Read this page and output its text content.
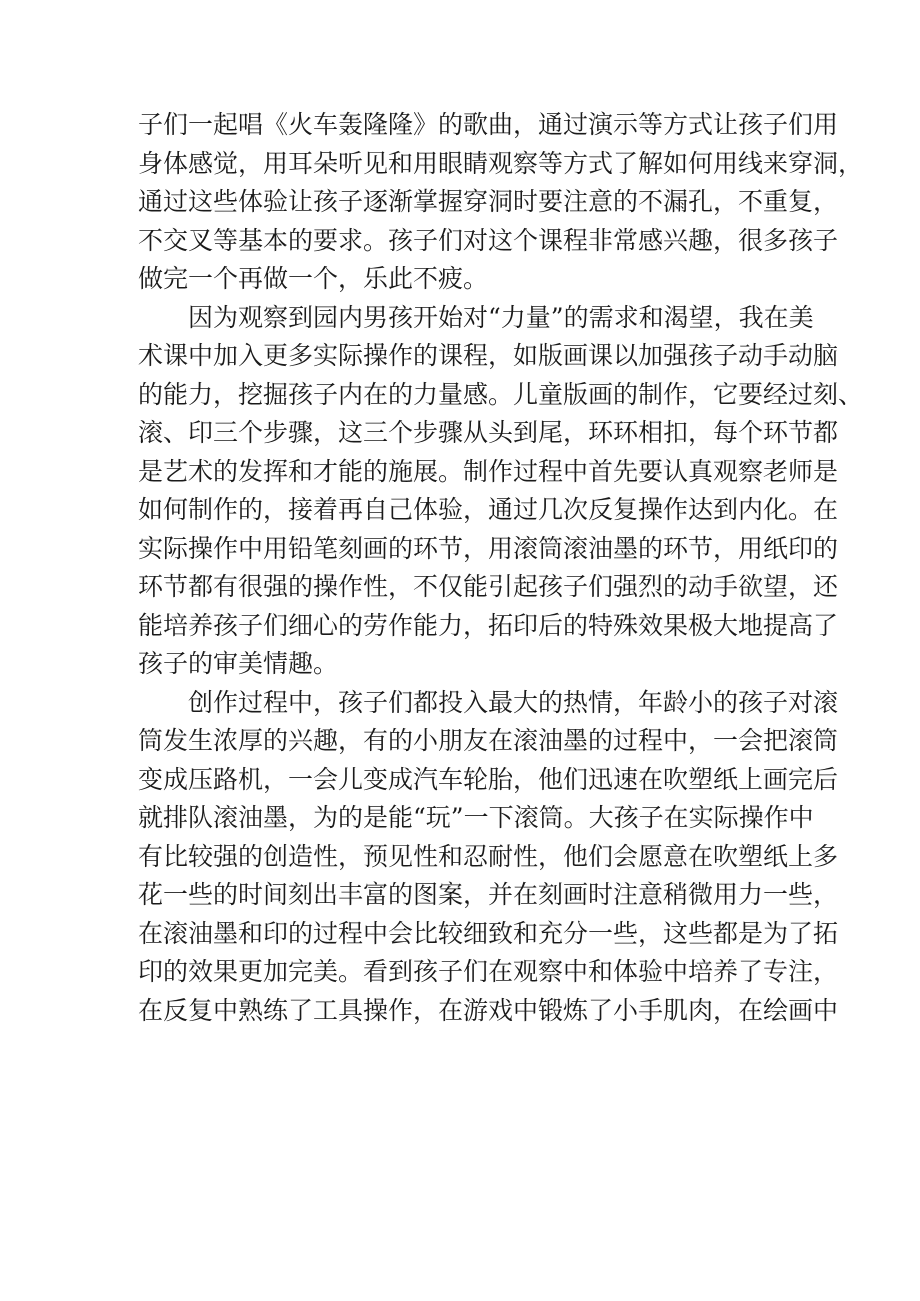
子们一起唱《火车轰隆隆》的歌曲，通过演示等方式让孩子们用
身体感觉，用耳朵听见和用眼睛观察等方式了解如何用线来穿洞，
通过这些体验让孩子逐渐掌握穿洞时要注意的不漏孔，不重复，
不交叉等基本的要求。孩子们对这个课程非常感兴趣，很多孩子
做完一个再做一个，乐此不疲。
因为观察到园内男孩开始对“力量”的需求和渴望，我在美
术课中加入更多实际操作的课程，如版画课以加强孩子动手动脑
的能力，挖掘孩子内在的力量感。儿童版画的制作，它要经过刻、
滚、印三个步骤，这三个步骤从头到尾，环环相扣，每个环节都
是艺术的发挥和才能的施展。制作过程中首先要认真观察老师是
如何制作的，接着再自己体验，通过几次反复操作达到内化。在
实际操作中用铅笔刻画的环节，用滚筒滚油墨的环节，用纸印的
环节都有很强的操作性，不仅能引起孩子们强烈的动手欲望，还
能培养孩子们细心的劳作能力，拓印后的特殊效果极大地提高了
孩子的审美情趣。
创作过程中，孩子们都投入最大的热情，年龄小的孩子对滚
筒发生浓厚的兴趣，有的小朋友在滚油墨的过程中，一会把滚筒
变成压路机，一会儿变成汽车轮胎，他们迅速在吹塑纸上画完后
就排队滚油墨，为的是能“玩”一下滚筒。大孩子在实际操作中
有比较强的创造性，预见性和忍耐性，他们会愿意在吹塑纸上多
花一些的时间刻出丰富的图案，并在刻画时注意稍微用力一些，
在滚油墨和印的过程中会比较细致和充分一些，这些都是为了拓
印的效果更加完美。看到孩子们在观察中和体验中培养了专注，
在反复中熟练了工具操作，在游戏中锻炼了小手肌肉，在绘画中
